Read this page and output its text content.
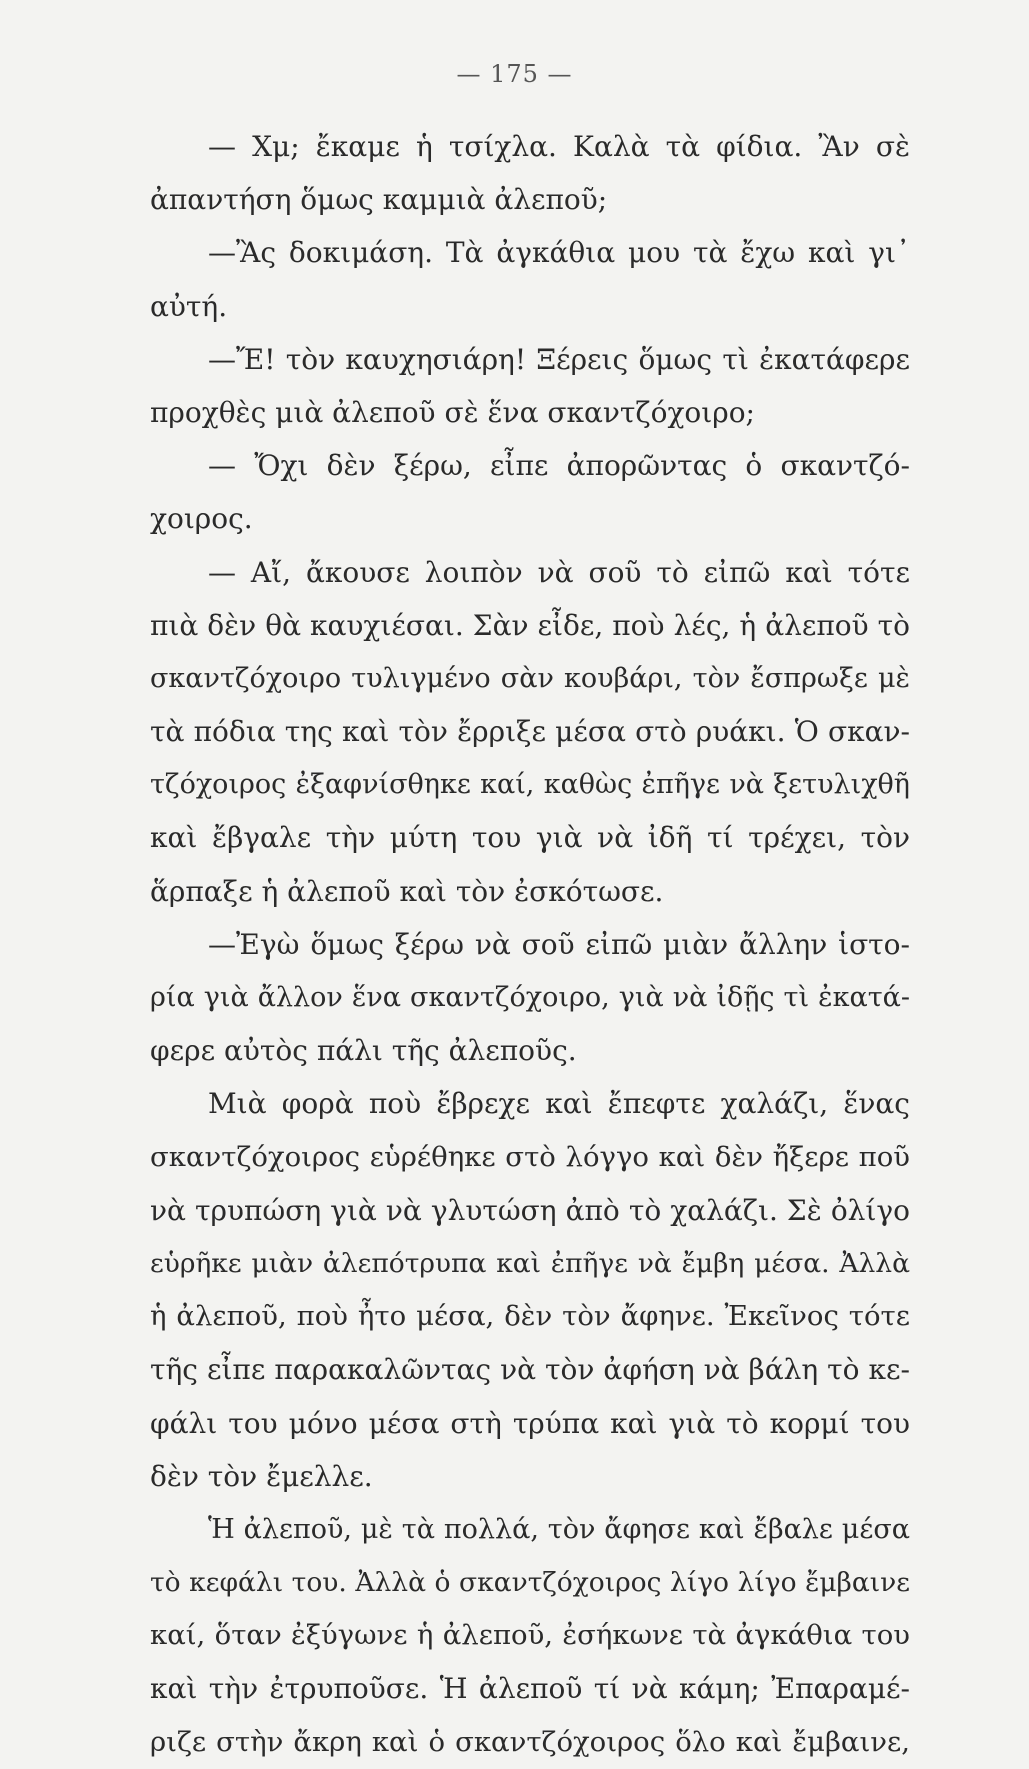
— 175 —
— Χμ; ἔκαμε ἡ τσίχλα. Καλὰ τὰ φίδια. Ἂν σὲ
ἀπαντήση ὅμως καμμιὰ ἀλεποῦ;
—Ἂς δοκιμάση. Τὰ ἀγκάθια μου τὰ ἔχω καὶ γι᾿
αὐτή.
—Ἔ! τὸν καυχησιάρη! Ξέρεις ὅμως τὶ ἐκατάφερε
προχθὲς μιὰ ἀλεποῦ σὲ ἕνα σκαντζόχοιρο;
— Ὄχι δὲν ξέρω, εἶπε ἀπορῶντας ὁ σκαντζό-
χοιρος.
— Αἴ, ἄκουσε λοιπὸν νὰ σοῦ τὸ εἰπῶ καὶ τότε
πιὰ δὲν θὰ καυχιέσαι. Σὰν εἶδε, ποὺ λές, ἡ ἀλεποῦ τὸ
σκαντζόχοιρο τυλιγμένο σὰν κουβάρι, τὸν ἔσπρωξε μὲ
τὰ πόδια της καὶ τὸν ἔρριξε μέσα στὸ ρυάκι. Ὁ σκαν-
τζόχοιρος ἐξαφνίσθηκε καί, καθὼς ἐπῆγε νὰ ξετυλιχθῆ
καὶ ἔβγαλε τὴν μύτη του γιὰ νὰ ἰδῆ τί τρέχει, τὸν
ἅρπαξε ἡ ἀλεποῦ καὶ τὸν ἐσκότωσε.
—Ἐγὼ ὅμως ξέρω νὰ σοῦ εἰπῶ μιὰν ἄλλην ἱστο-
ρία γιὰ ἄλλον ἕνα σκαντζόχοιρο, γιὰ νὰ ἰδῇς τὶ ἐκατά-
φερε αὐτὸς πάλι τῆς ἀλεποῦς.
Μιὰ φορὰ ποὺ ἔβρεχε καὶ ἔπεφτε χαλάζι, ἕνας
σκαντζόχοιρος εὑρέθηκε στὸ λόγγο καὶ δὲν ἤξερε ποῦ
νὰ τρυπώση γιὰ νὰ γλυτώση ἀπὸ τὸ χαλάζι. Σὲ ὀλίγο
εὑρῆκε μιὰν ἀλεπότρυπα καὶ ἐπῆγε νὰ ἔμβη μέσα. Ἀλλὰ
ἡ ἀλεποῦ, ποὺ ἦτο μέσα, δὲν τὸν ἄφηνε. Ἐκεῖνος τότε
τῆς εἶπε παρακαλῶντας νὰ τὸν ἀφήση νὰ βάλη τὸ κε-
φάλι του μόνο μέσα στὴ τρύπα καὶ γιὰ τὸ κορμί του
δὲν τὸν ἔμελλε.
Ἡ ἀλεποῦ, μὲ τὰ πολλά, τὸν ἄφησε καὶ ἔβαλε μέσα
τὸ κεφάλι του. Ἀλλὰ ὁ σκαντζόχοιρος λίγο λίγο ἔμβαινε
καί, ὅταν ἐξύγωνε ἡ ἀλεποῦ, ἐσήκωνε τὰ ἀγκάθια του
καὶ τὴν ἐτρυποῦσε. Ἡ ἀλεποῦ τί νὰ κάμη; Ἐπαραμέ-
ριζε στὴν ἄκρη καὶ ὁ σκαντζόχοιρος ὅλο καὶ ἔμβαινε,
